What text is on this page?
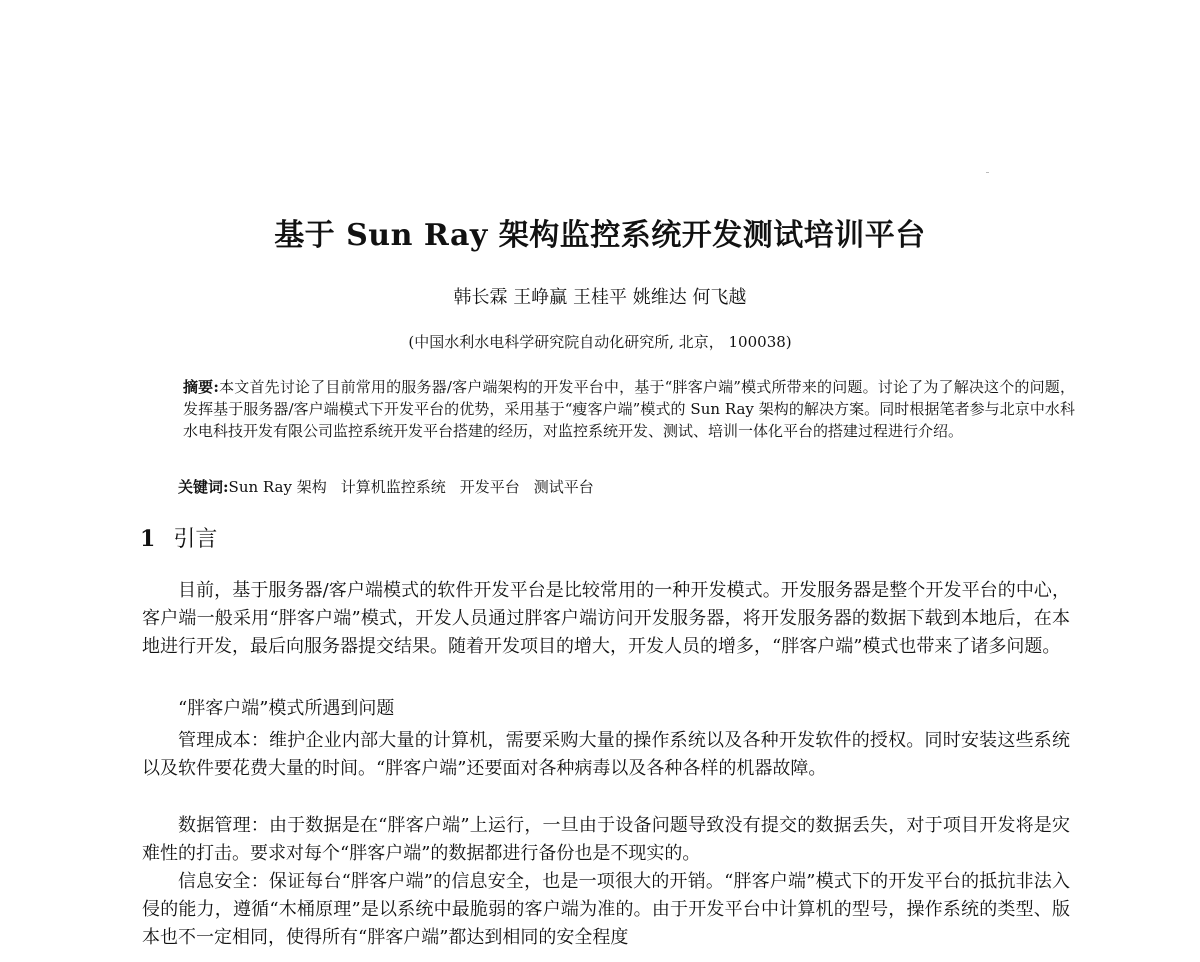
基于 Sun Ray 架构监控系统开发测试培训平台
韩长霖 王峥赢 王桂平 姚维达 何飞越
(中国水利水电科学研究院自动化研究所, 北京， 100038)
摘要:本文首先讨论了目前常用的服务器/客户端架构的开发平台中，基于“胖客户端”模式所带来的问题。讨论了为了解决这个的问题，发挥基于服务器/客户端模式下开发平台的优势，采用基于“瘦客户端”模式的 Sun Ray 架构的解决方案。同时根据笔者参与北京中水科水电科技开发有限公司监控系统开发平台搭建的经历，对监控系统开发、测试、培训一体化平台的搭建过程进行介绍。
关键词:Sun Ray 架构 计算机监控系统 开发平台 测试平台
1 引言

目前，基于服务器/客户端模式的软件开发平台是比较常用的一种开发模式。开发服务器是整个开发平台的中心，客户端一般采用“胖客户端”模式，开发人员通过胖客户端访问开发服务器，将开发服务器的数据下载到本地后，在本地进行开发，最后向服务器提交结果。随着开发项目的增大，开发人员的增多，“胖客户端”模式也带来了诸多问题。

“胖客户端”模式所遇到问题

管理成本：维护企业内部大量的计算机，需要采购大量的操作系统以及各种开发软件的授权。同时安装这些系统以及软件要花费大量的时间。“胖客户端”还要面对各种病毒以及各种各样的机器故障。

数据管理：由于数据是在“胖客户端”上运行，一旦由于设备问题导致没有提交的数据丢失，对于项目开发将是灾难性的打击。要求对每个“胖客户端”的数据都进行备份也是不现实的。

信息安全：保证每台“胖客户端”的信息安全，也是一项很大的开销。“胖客户端”模式下的开发平台的抵抗非法入侵的能力，遵循“木桶原理”是以系统中最脆弱的客户端为准的。由于开发平台中计算机的型号，操作系统的类型、版本也不一定相同，使得所有“胖客户端”都达到相同的安全程度
